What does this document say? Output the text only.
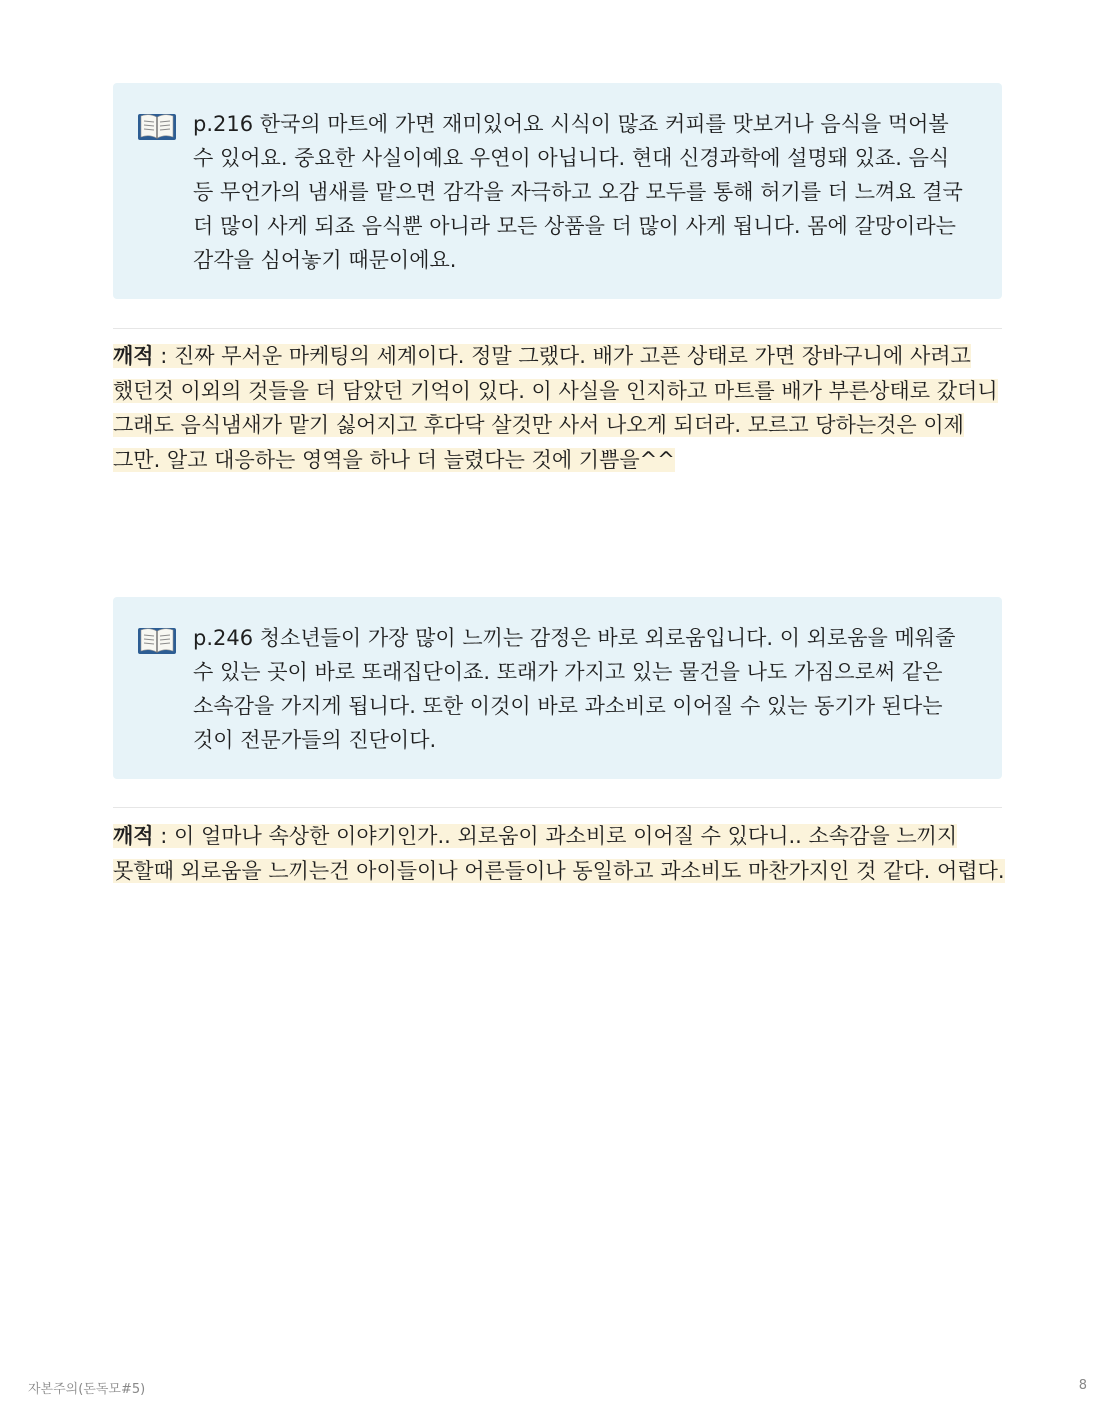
p.216 한국의 마트에 가면 재미있어요 시식이 많죠 커피를 맛보거나 음식을 먹어볼 수 있어요. 중요한 사실이예요 우연이 아닙니다. 현대 신경과학에 설명돼 있죠. 음식 등 무언가의 냄새를 맡으면 감각을 자극하고 오감 모두를 통해 허기를 더 느껴요 결국 더 많이 사게 되죠 음식뿐 아니라 모든 상품을 더 많이 사게 됩니다. 몸에 갈망이라는 감각을 심어놓기 때문이에요.
깨적 : 진짜 무서운 마케팅의 세계이다. 정말 그랬다. 배가 고픈 상태로 가면 장바구니에 사려고 했던것 이외의 것들을 더 담았던 기억이 있다. 이 사실을 인지하고 마트를 배가 부른상태로 갔더니 그래도 음식냄새가 맡기 싫어지고 후다닥 살것만 사서 나오게 되더라. 모르고 당하는것은 이제 그만. 알고 대응하는 영역을 하나 더 늘렸다는 것에 기쁨을^^
p.246 청소년들이 가장 많이 느끼는 감정은 바로 외로움입니다. 이 외로움을 메워줄 수 있는 곳이 바로 또래집단이죠. 또래가 가지고 있는 물건을 나도 가짐으로써 같은 소속감을 가지게 됩니다. 또한 이것이 바로 과소비로 이어질 수 있는 동기가 된다는 것이 전문가들의 진단이다.
깨적 : 이 얼마나 속상한 이야기인가.. 외로움이 과소비로 이어질 수 있다니.. 소속감을 느끼지 못할때 외로움을 느끼는건 아이들이나 어른들이나 동일하고 과소비도 마찬가지인 것 같다. 어렵다.
자본주의(돈독모#5)	8
